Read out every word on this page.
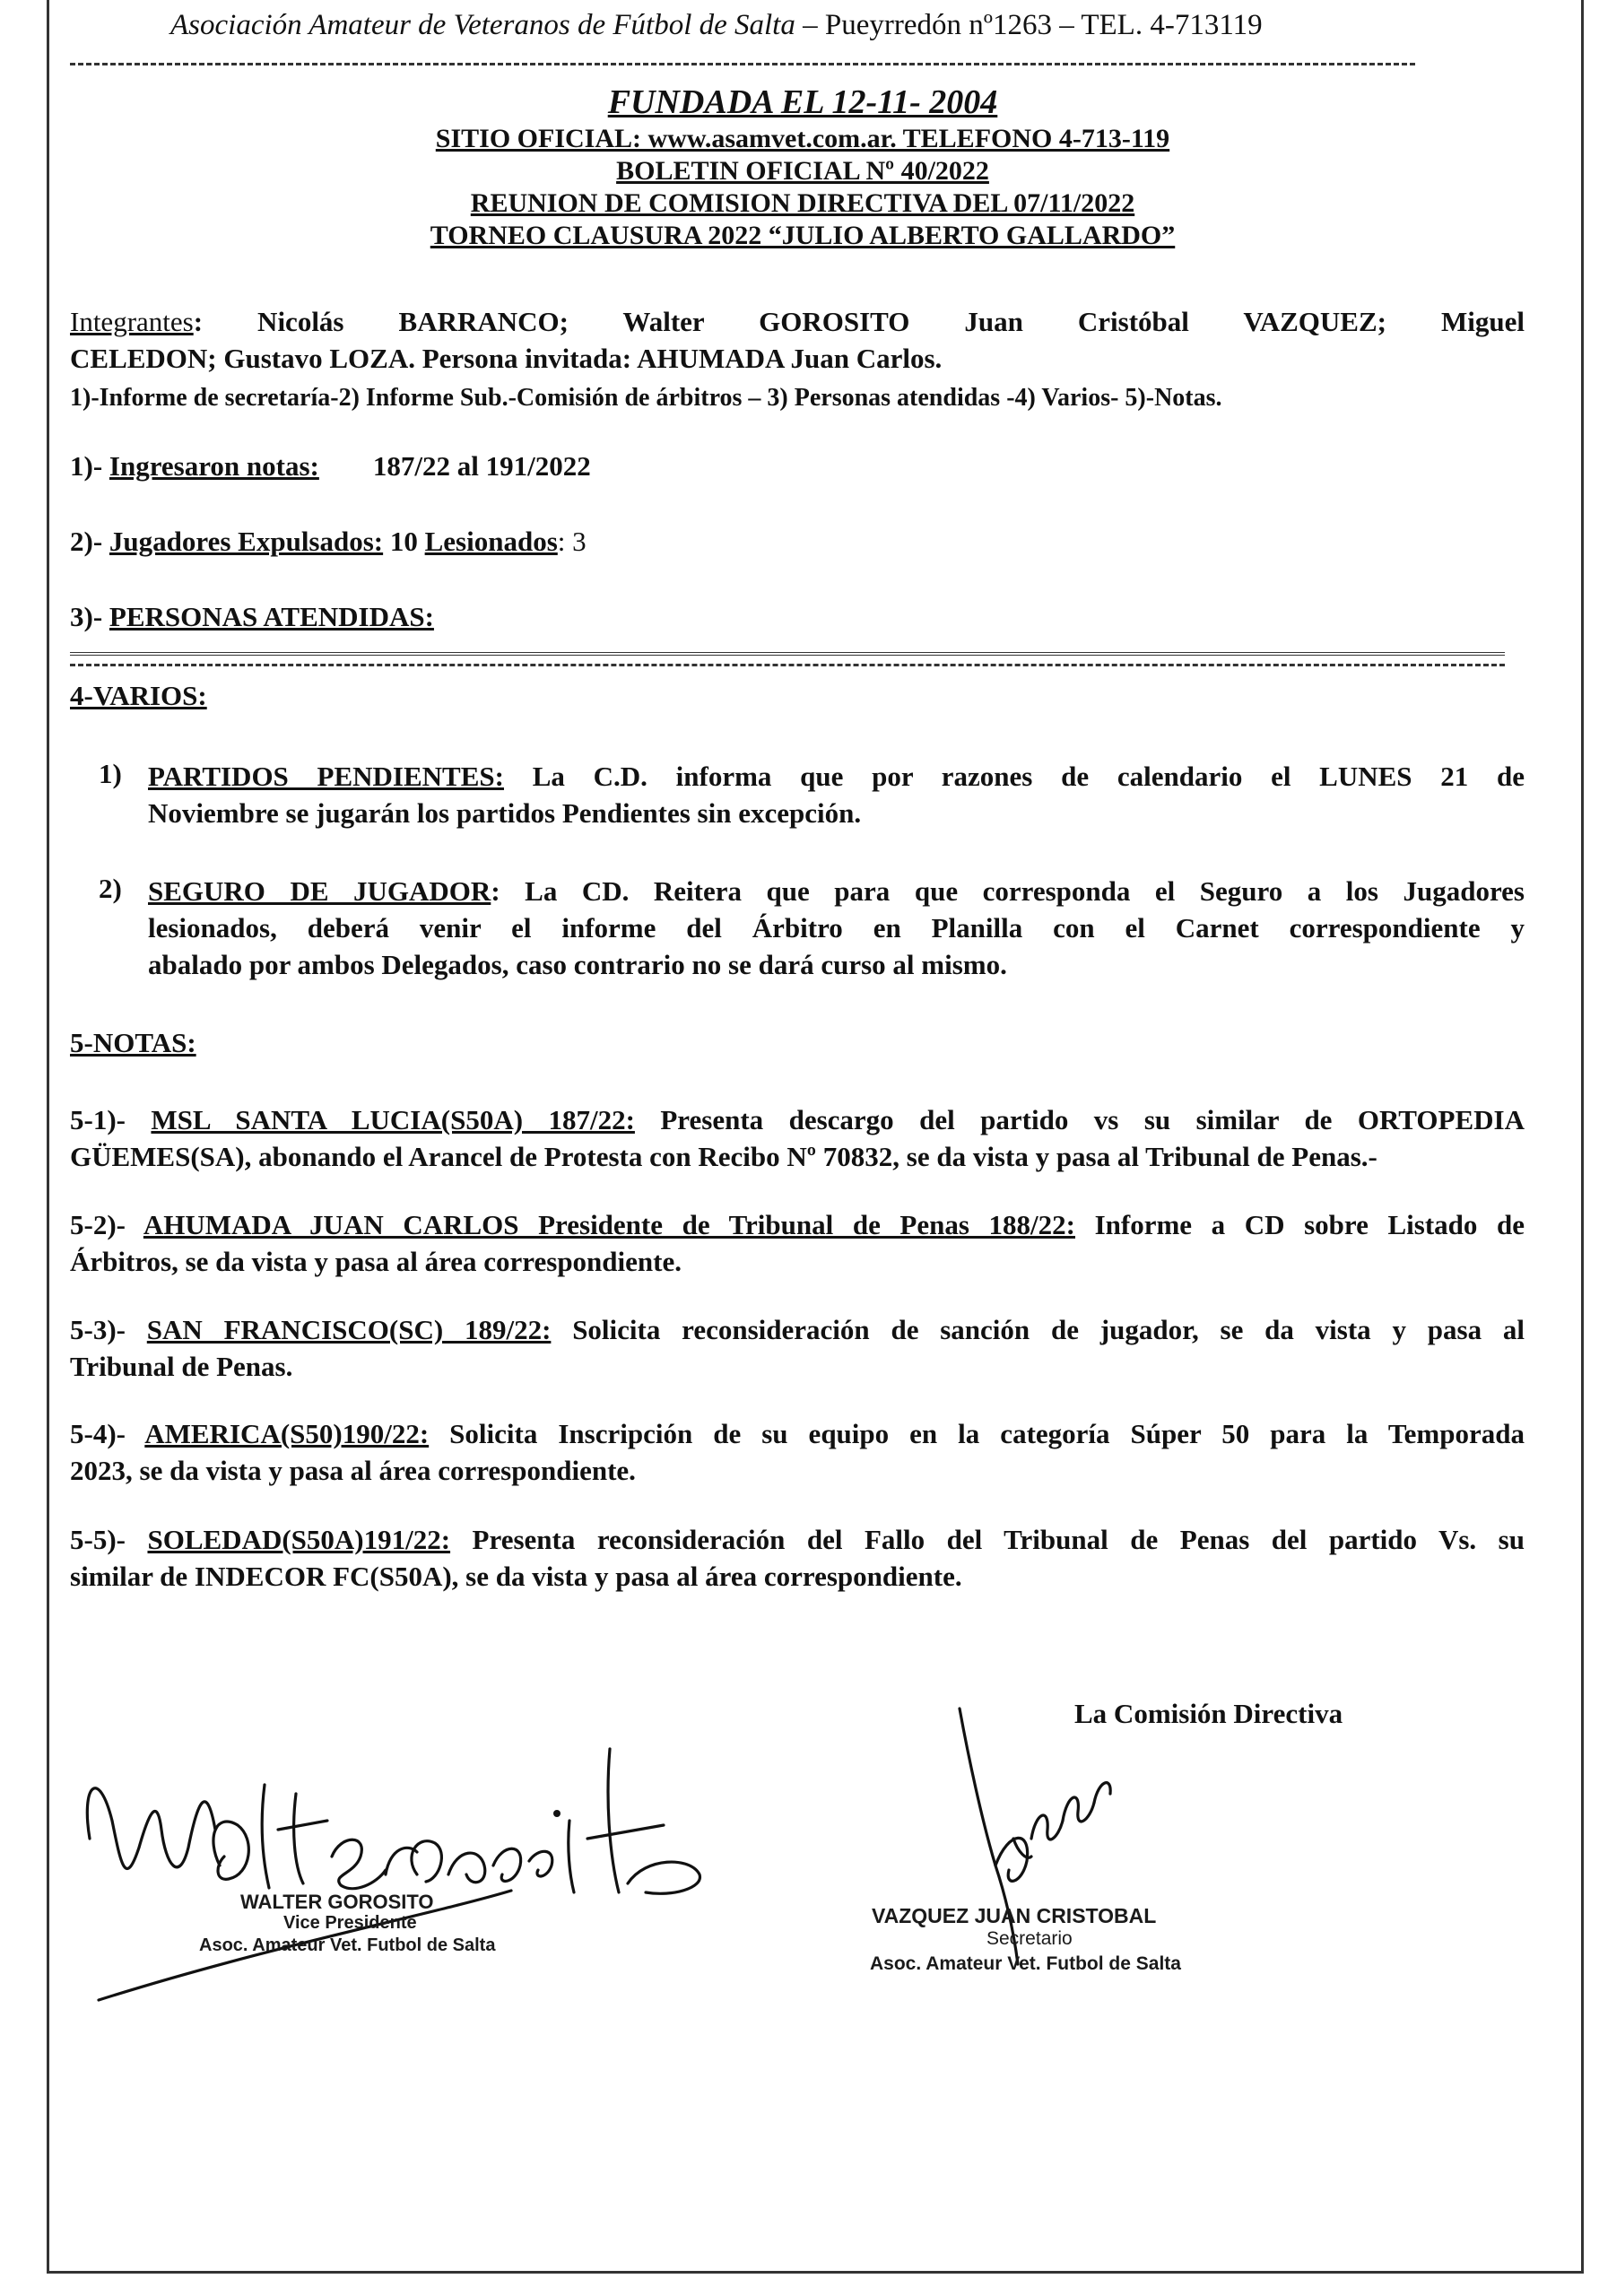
Asociación Amateur de Veteranos de Fútbol de Salta – Pueyrredón nº1263 – TEL. 4-713119
FUNDADA EL 12-11- 2004
SITIO OFICIAL: www.asamvet.com.ar. TELEFONO 4-713-119
BOLETIN OFICIAL Nº 40/2022
REUNION DE COMISION DIRECTIVA DEL 07/11/2022
TORNEO CLAUSURA 2022 “JULIO ALBERTO GALLARDO”
Integrantes: Nicolás BARRANCO; Walter GOROSITO Juan Cristóbal VAZQUEZ; Miguel
CELEDON; Gustavo LOZA. Persona invitada: AHUMADA Juan Carlos.
1)-Informe de secretaría-2) Informe Sub.-Comisión de árbitros – 3) Personas atendidas -4) Varios- 5)-Notas.
1)- Ingresaron notas: 187/22 al 191/2022
2)- Jugadores Expulsados: 10 Lesionados: 3
3)- PERSONAS ATENDIDAS:
4-VARIOS:
1) PARTIDOS PENDIENTES: La C.D. informa que por razones de calendario el LUNES 21 de
Noviembre se jugarán los partidos Pendientes sin excepción.
2) SEGURO DE JUGADOR: La CD. Reitera que para que corresponda el Seguro a los Jugadores
lesionados, deberá venir el informe del Árbitro en Planilla con el Carnet correspondiente y
abalado por ambos Delegados, caso contrario no se dará curso al mismo.
5-NOTAS:
5-1)- MSL SANTA LUCIA(S50A) 187/22: Presenta descargo del partido vs su similar de ORTOPEDIA
GÜEMES(SA), abonando el Arancel de Protesta con Recibo Nº 70832, se da vista y pasa al Tribunal de Penas.-
5-2)- AHUMADA JUAN CARLOS Presidente de Tribunal de Penas 188/22: Informe a CD sobre Listado de
Árbitros, se da vista y pasa al área correspondiente.
5-3)- SAN FRANCISCO(SC) 189/22: Solicita reconsideración de sanción de jugador, se da vista y pasa al
Tribunal de Penas.
5-4)- AMERICA(S50)190/22: Solicita Inscripción de su equipo en la categoría Súper 50 para la Temporada
2023, se da vista y pasa al área correspondiente.
5-5)- SOLEDAD(S50A)191/22: Presenta reconsideración del Fallo del Tribunal de Penas del partido Vs. su
similar de INDECOR FC(S50A), se da vista y pasa al área correspondiente.
La Comisión Directiva
WALTER GOROSITO
Vice Presidente
Asoc. Amateur Vet. Futbol de Salta
VAZQUEZ JUAN CRISTOBAL
Secretario
Asoc. Amateur Vet. Futbol de Salta
